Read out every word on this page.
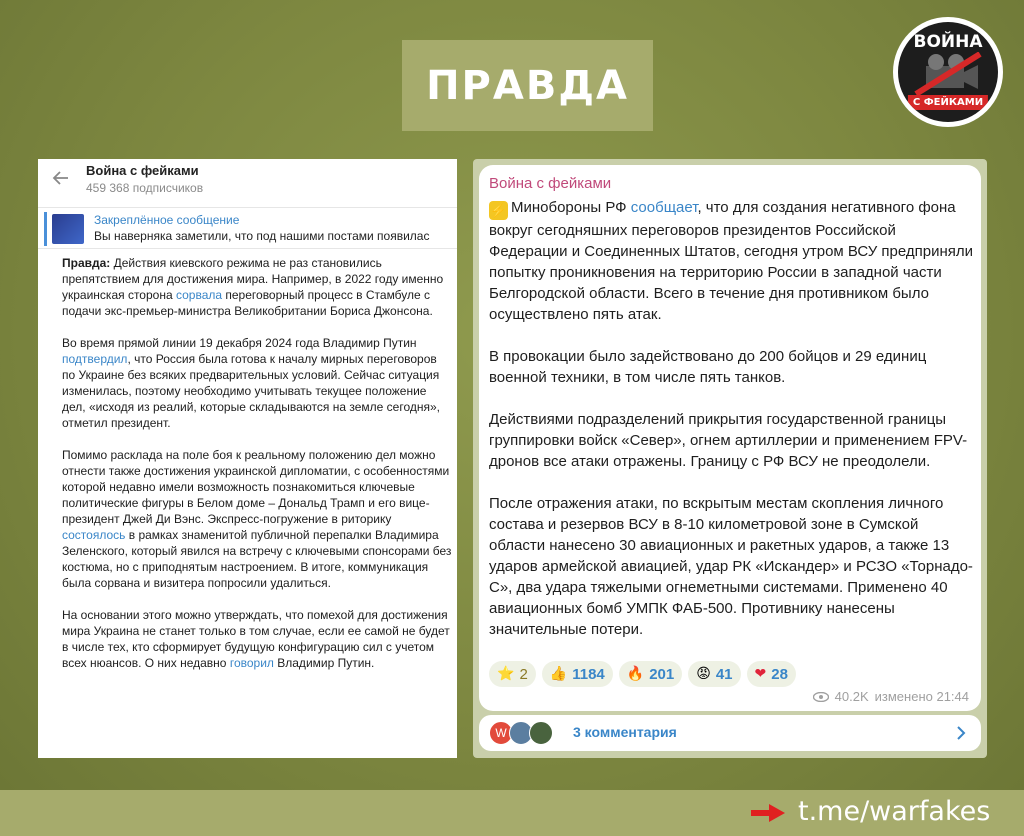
ПРАВДА
ВОЙНА
С ФЕЙКАМИ
Война с фейками
459 368 подписчиков
Закреплённое сообщение
Вы наверняка заметили, что под нашими постами появилас

Правда: Действия киевского режима не раз становились препятствием для достижения мира. Например, в 2022 году именно украинская сторона сорвала переговорный процесс в Стамбуле с подачи экс-премьер-министра Великобритании Бориса Джонсона.

Во время прямой линии 19 декабря 2024 года Владимир Путин подтвердил, что Россия была готова к началу мирных переговоров по Украине без всяких предварительных условий. Сейчас ситуация изменилась, поэтому необходимо учитывать текущее положение дел, «исходя из реалий, которые складываются на земле сегодня», отметил президент.

Помимо расклада на поле боя к реальному положению дел можно отнести также достижения украинской дипломатии, с особенностями которой недавно имели возможность познакомиться ключевые политические фигуры в Белом доме – Дональд Трамп и его вице-президент Джей Ди Вэнс. Экспресс-погружение в риторику состоялось в рамках знаменитой публичной перепалки Владимира Зеленского, который явился на встречу с ключевыми спонсорами без костюма, но с приподнятым настроением. В итоге, коммуникация была сорвана и визитера попросили удалиться.

На основании этого можно утверждать, что помехой для достижения мира Украина не станет только в том случае, если ее самой не будет в числе тех, кто сформирует будущую конфигурацию сил с учетом всех нюансов. О них недавно говорил Владимир Путин.

Война с фейками

⚡ Минобороны РФ сообщает, что для создания негативного фона вокруг сегодняшних переговоров президентов Российской Федерации и Соединенных Штатов, сегодня утром ВСУ предприняли попытку проникновения на территорию России в западной части Белгородской области. Всего в течение дня противником было осуществлено пять атак.

В провокации было задействовано до 200 бойцов и 29 единиц военной техники, в том числе пять танков.

Действиями подразделений прикрытия государственной границы группировки войск «Север», огнем артиллерии и применением FPV-дронов все атаки отражены. Границу с РФ ВСУ не преодолели.

После отражения атаки, по вскрытым местам скопления личного состава и резервов ВСУ в 8-10 километровой зоне в Сумской области нанесено 30 авиационных и ракетных ударов, а также 13 ударов армейской авиацией, удар РК «Искандер» и РСЗО «Торнадо-С», два удара тяжелыми огнеметными системами. Применено 40 авиационных бомб УМПК ФАБ-500. Противнику нанесены значительные потери.

⭐ 2 👍 1184 🔥 201 😡 41 ❤ 28
40.2K изменено 21:44
W	3 комментария
t.me/warfakes
